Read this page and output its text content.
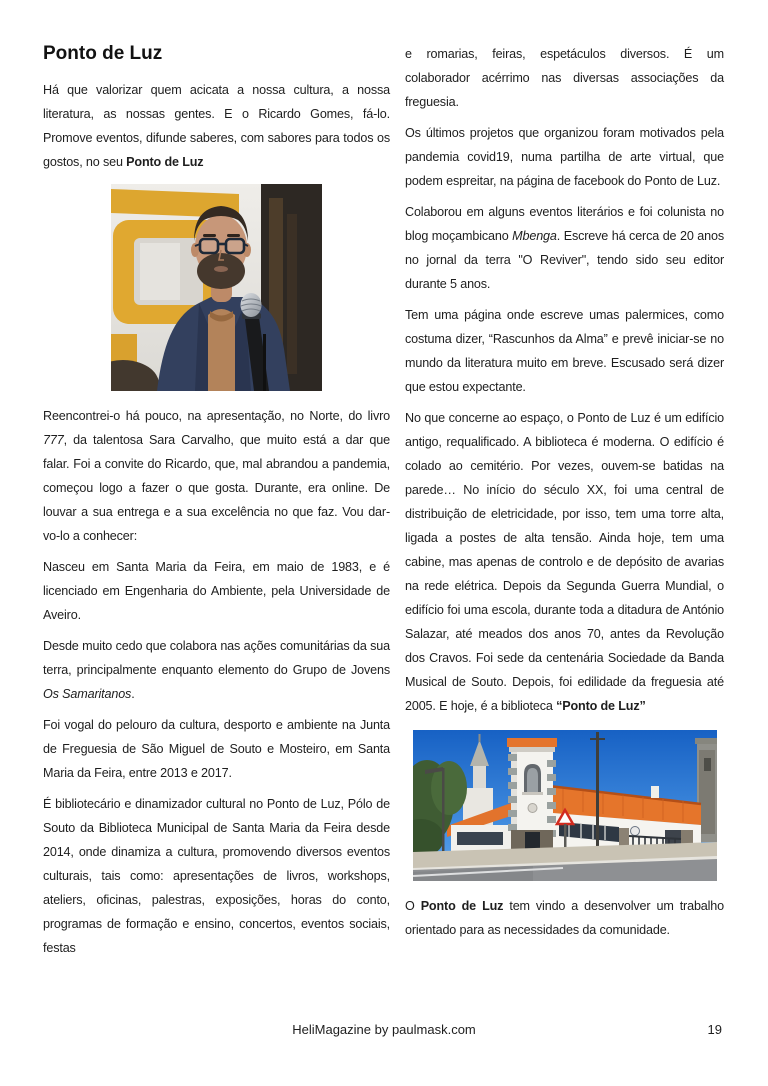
Ponto de Luz

Há que valorizar quem acicata a nossa cultura, a nossa literatura, as nossas gentes. E o Ricardo Gomes, fá-lo. Promove eventos, difunde saberes, com sabores para todos os gostos, no seu Ponto de Luz

Reencontrei-o há pouco, na apresentação, no Norte, do livro 777, da talentosa Sara Carvalho, que muito está a dar que falar. Foi a convite do Ricardo, que, mal abrandou a pandemia, começou logo a fazer o que gosta. Durante, era online. De louvar a sua entrega e a sua excelência no que faz. Vou dar-vo-lo a conhecer:

Nasceu em Santa Maria da Feira, em maio de 1983, e é licenciado em Engenharia do Ambiente, pela Universidade de Aveiro.

Desde muito cedo que colabora nas ações comunitárias da sua terra, principalmente enquanto elemento do Grupo de Jovens Os Samaritanos.

Foi vogal do pelouro da cultura, desporto e ambiente na Junta de Freguesia de São Miguel de Souto e Mosteiro, em Santa Maria da Feira, entre 2013 e 2017.

É bibliotecário e dinamizador cultural no Ponto de Luz, Pólo de Souto da Biblioteca Municipal de Santa Maria da Feira desde 2014, onde dinamiza a cultura, promovendo diversos eventos culturais, tais como: apresentações de livros, workshops, ateliers, oficinas, palestras, exposições, horas do conto, programas de formação e ensino, concertos, eventos sociais, festas

e romarias, feiras, espetáculos diversos. É um colaborador acérrimo nas diversas associações da freguesia.

Os últimos projetos que organizou foram motivados pela pandemia covid19, numa partilha de arte virtual, que podem espreitar, na página de facebook do Ponto de Luz.

Colaborou em alguns eventos literários e foi colunista no blog moçambicano Mbenga. Escreve há cerca de 20 anos no jornal da terra "O Reviver", tendo sido seu editor durante 5 anos.

Tem uma página onde escreve umas palermices, como costuma dizer, “Rascunhos da Alma” e prevê iniciar-se no mundo da literatura muito em breve. Escusado será dizer que estou expectante.

No que concerne ao espaço, o Ponto de Luz é um edifício antigo, requalificado. A biblioteca é moderna. O edifício é colado ao cemitério. Por vezes, ouvem-se batidas na parede… No início do século XX, foi uma central de distribuição de eletricidade, por isso, tem uma torre alta, ligada a postes de alta tensão. Ainda hoje, tem uma cabine, mas apenas de controlo e de depósito de avarias na rede elétrica. Depois da Segunda Guerra Mundial, o edifício foi uma escola, durante toda a ditadura de António Salazar, até meados dos anos 70, antes da Revolução dos Cravos. Foi sede da centenária Sociedade da Banda Musical de Souto. Depois, foi edilidade da freguesia até 2005. E hoje, é a biblioteca “Ponto de Luz”

O Ponto de Luz tem vindo a desenvolver um trabalho orientado para as necessidades da comunidade.

HeliMagazine by paulmask.com	19
